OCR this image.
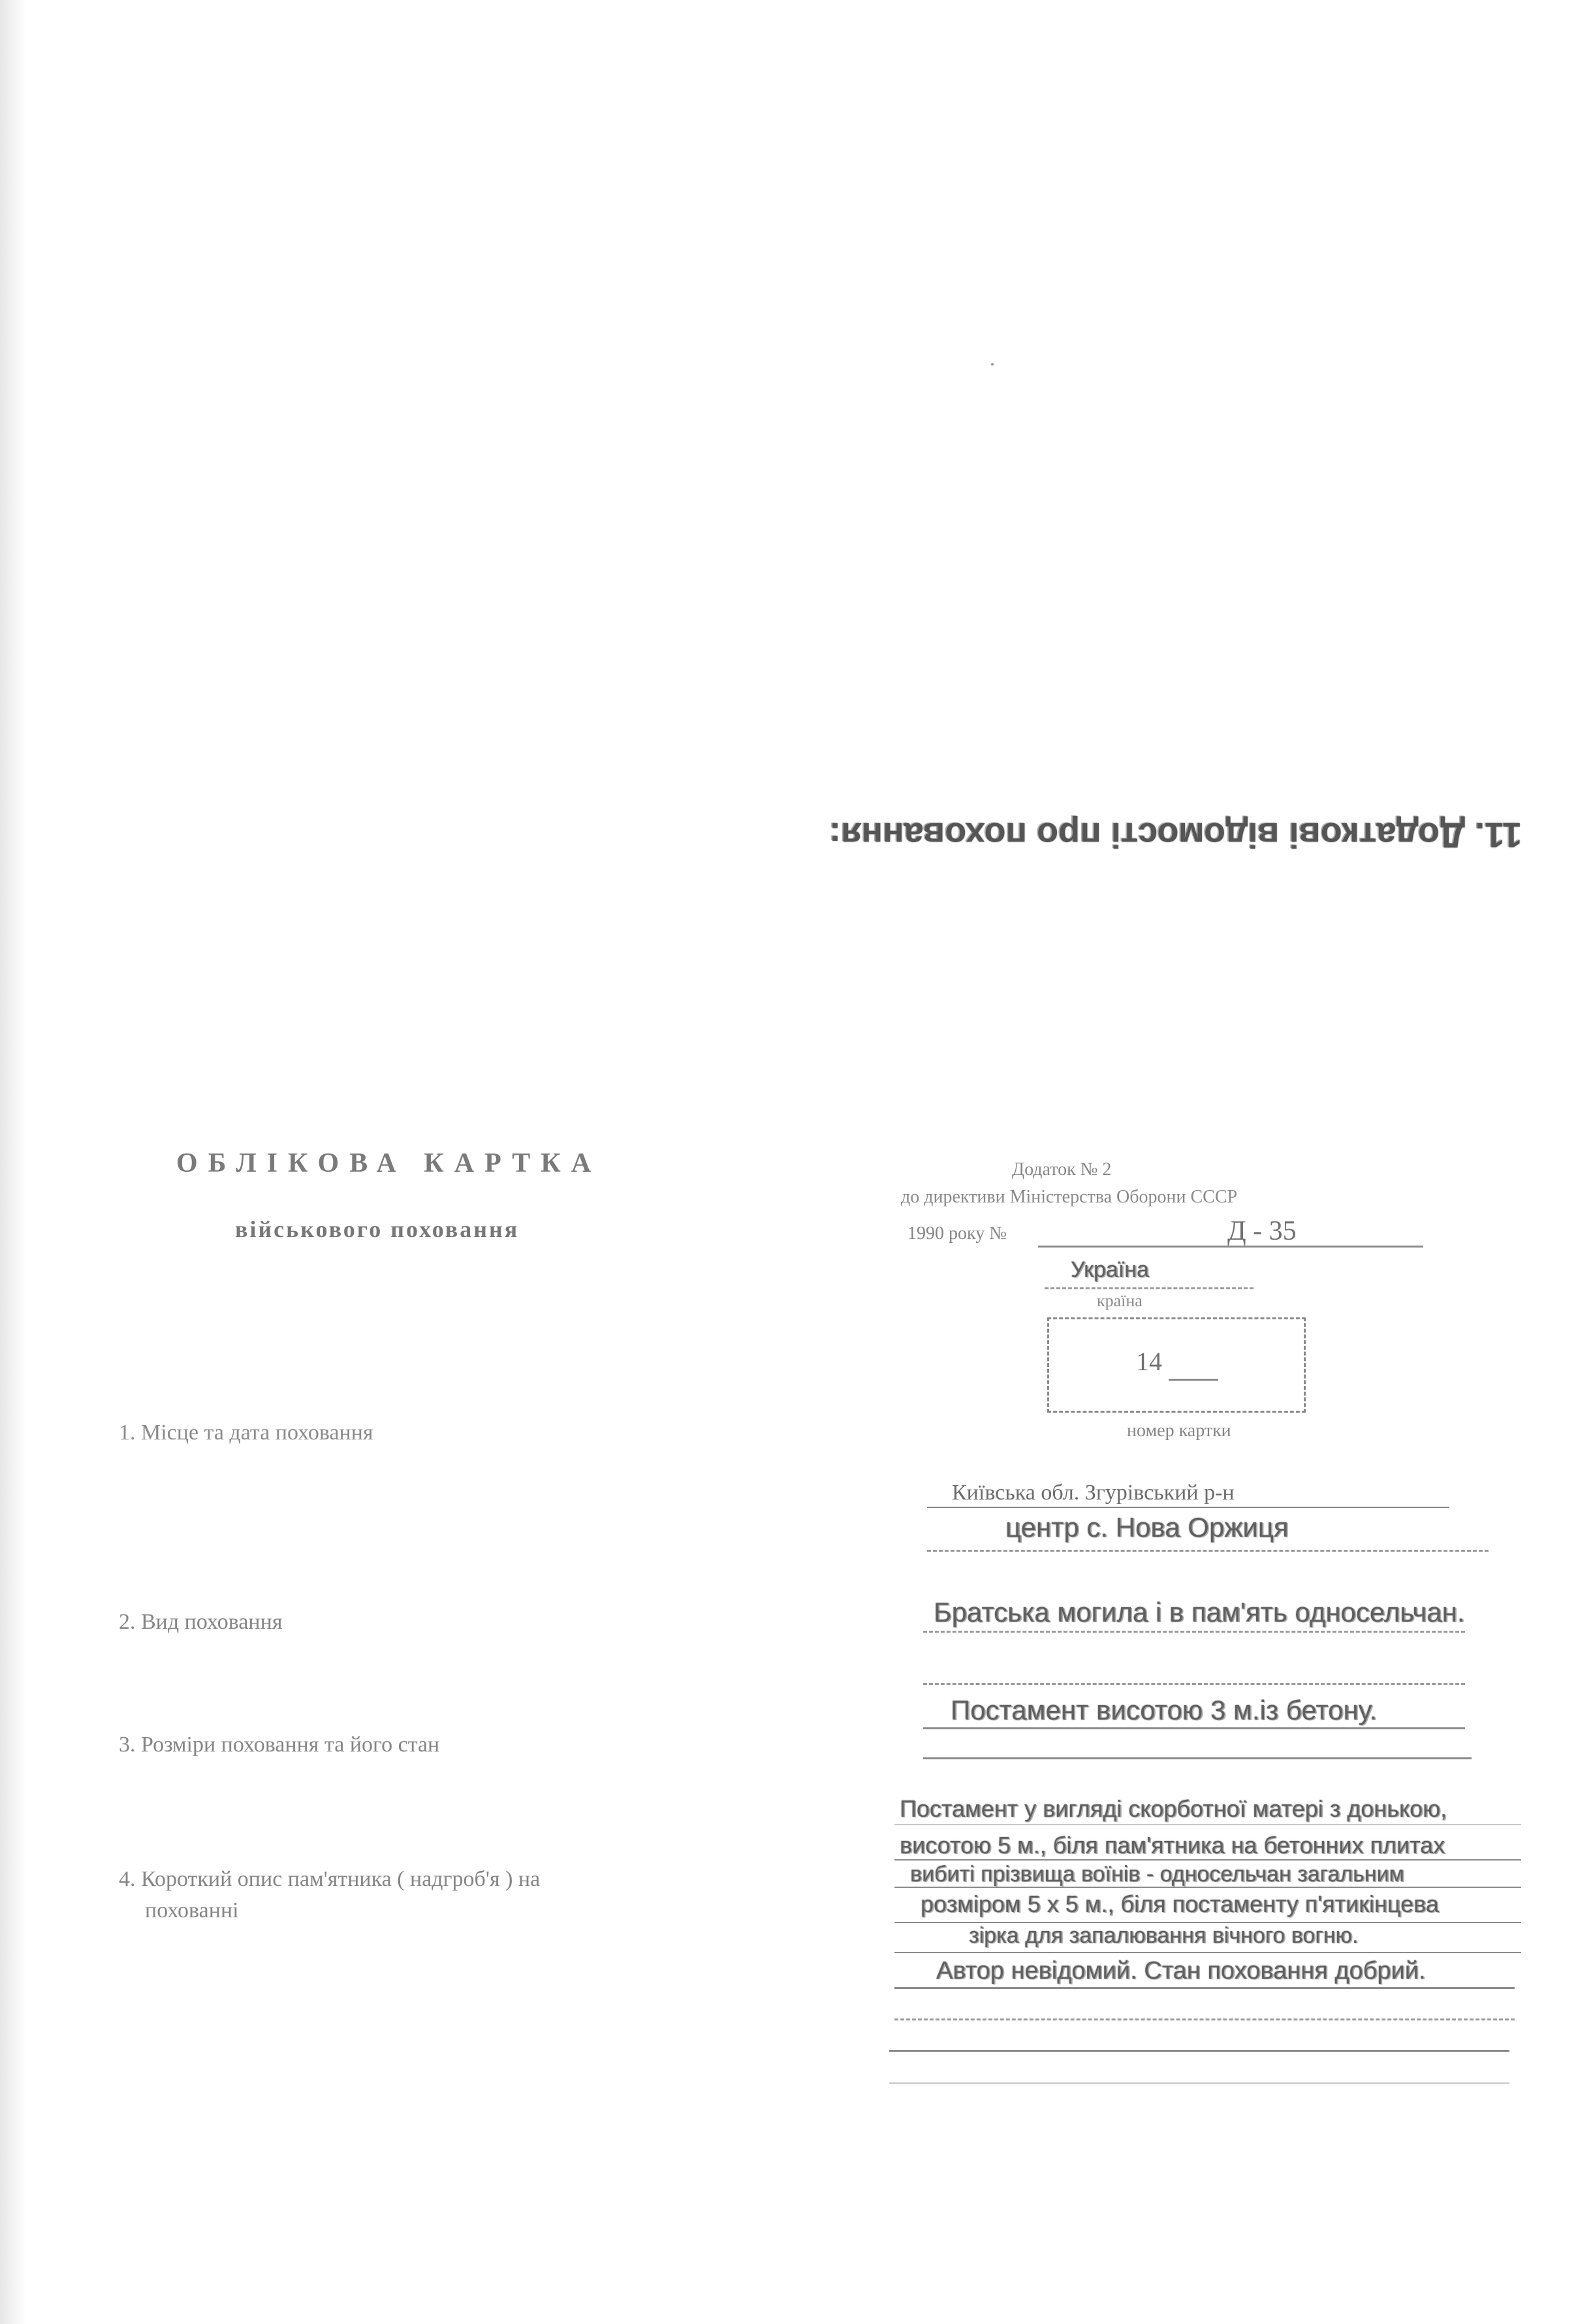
11. Додаткові відомості про поховання:
ОБЛІКОВА КАРТКА
військового поховання
Додаток № 2
до директиви Міністерства Оборони СССР
1990 року №	Д - 35
Україна
країна
14
номер картки
1. Місце та дата поховання
Київська обл. Згурівський р-н
центр с. Нова Оржиця
2. Вид поховання	Братська могила і в пам'ять односельчан.
3. Розміри поховання та його стан
Постамент висотою 3 м.із бетону.
4. Короткий опис пам'ятника ( надгроб'я ) на
похованні
Постамент у вигляді скорботної матері з донькою,
висотою 5 м., біля пам'ятника на бетонних плитах
вибиті прізвища воїнів - односельчан загальним
розміром 5 х 5 м., біля постаменту п'ятикінцева
зірка для запалювання вічного вогню.
Автор невідомий. Стан поховання добрий.
